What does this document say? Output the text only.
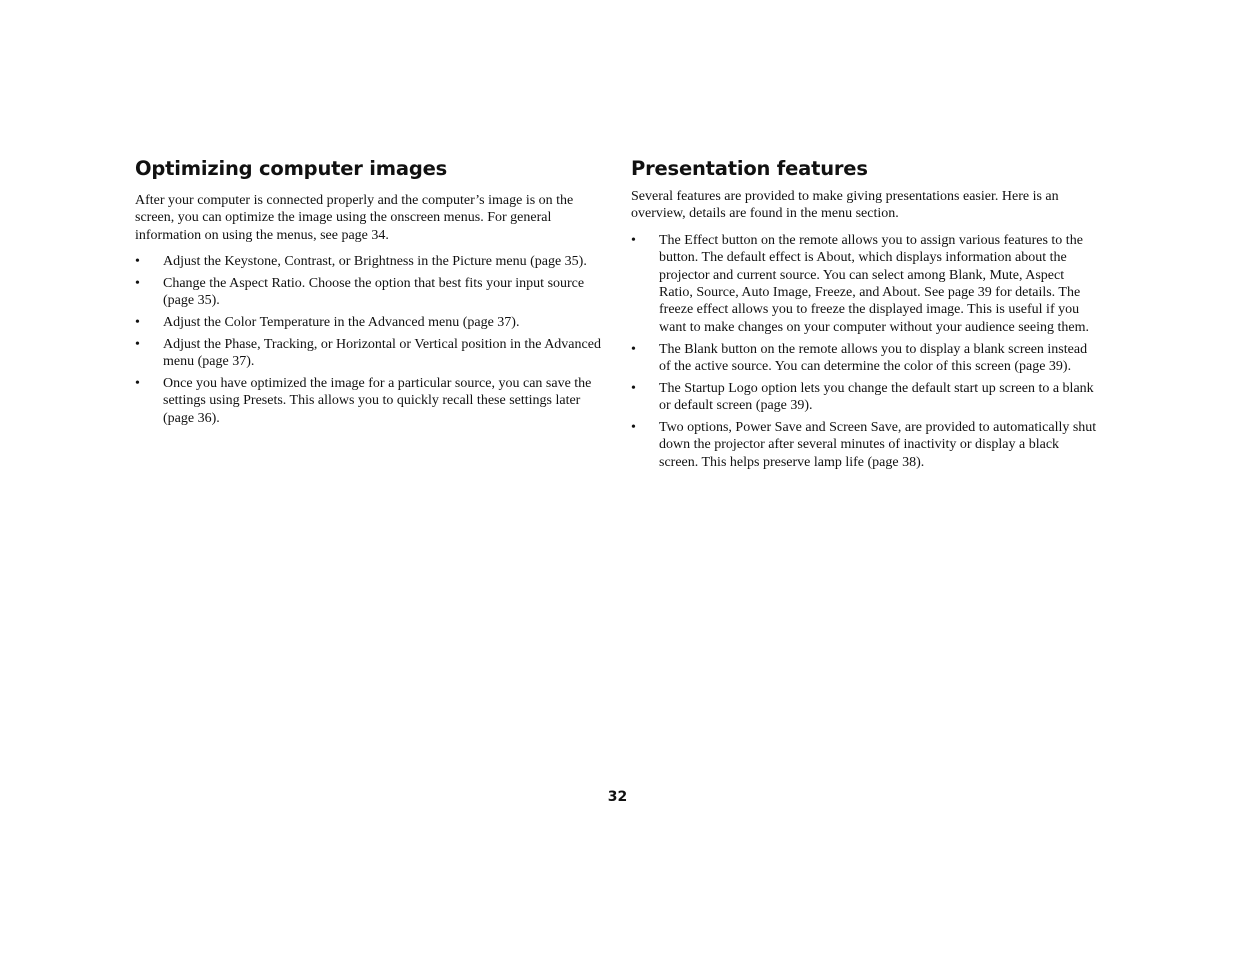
Optimizing computer images

After your computer is connected properly and the computer’s image is on the screen, you can optimize the image using the onscreen menus. For general information on using the menus, see page 34.

•	Adjust the Keystone, Contrast, or Brightness in the Picture menu (page 35).
•	Change the Aspect Ratio. Choose the option that best fits your input source (page 35).
•	Adjust the Color Temperature in the Advanced menu (page 37).
•	Adjust the Phase, Tracking, or Horizontal or Vertical position in the Advanced menu (page 37).
•	Once you have optimized the image for a particular source, you can save the settings using Presets. This allows you to quickly recall these settings later (page 36).
Presentation features

Several features are provided to make giving presentations easier. Here is an overview, details are found in the menu section.

•	The Effect button on the remote allows you to assign various features to the button. The default effect is About, which displays information about the projector and current source. You can select among Blank, Mute, Aspect Ratio, Source, Auto Image, Freeze, and About. See page 39 for details. The freeze effect allows you to freeze the displayed image. This is useful if you want to make changes on your computer without your audience seeing them.
•	The Blank button on the remote allows you to display a blank screen instead of the active source. You can determine the color of this screen (page 39).
•	The Startup Logo option lets you change the default start up screen to a blank or default screen (page 39).
•	Two options, Power Save and Screen Save, are provided to automatically shut down the projector after several minutes of inactivity or display a black screen. This helps preserve lamp life (page 38).
32
